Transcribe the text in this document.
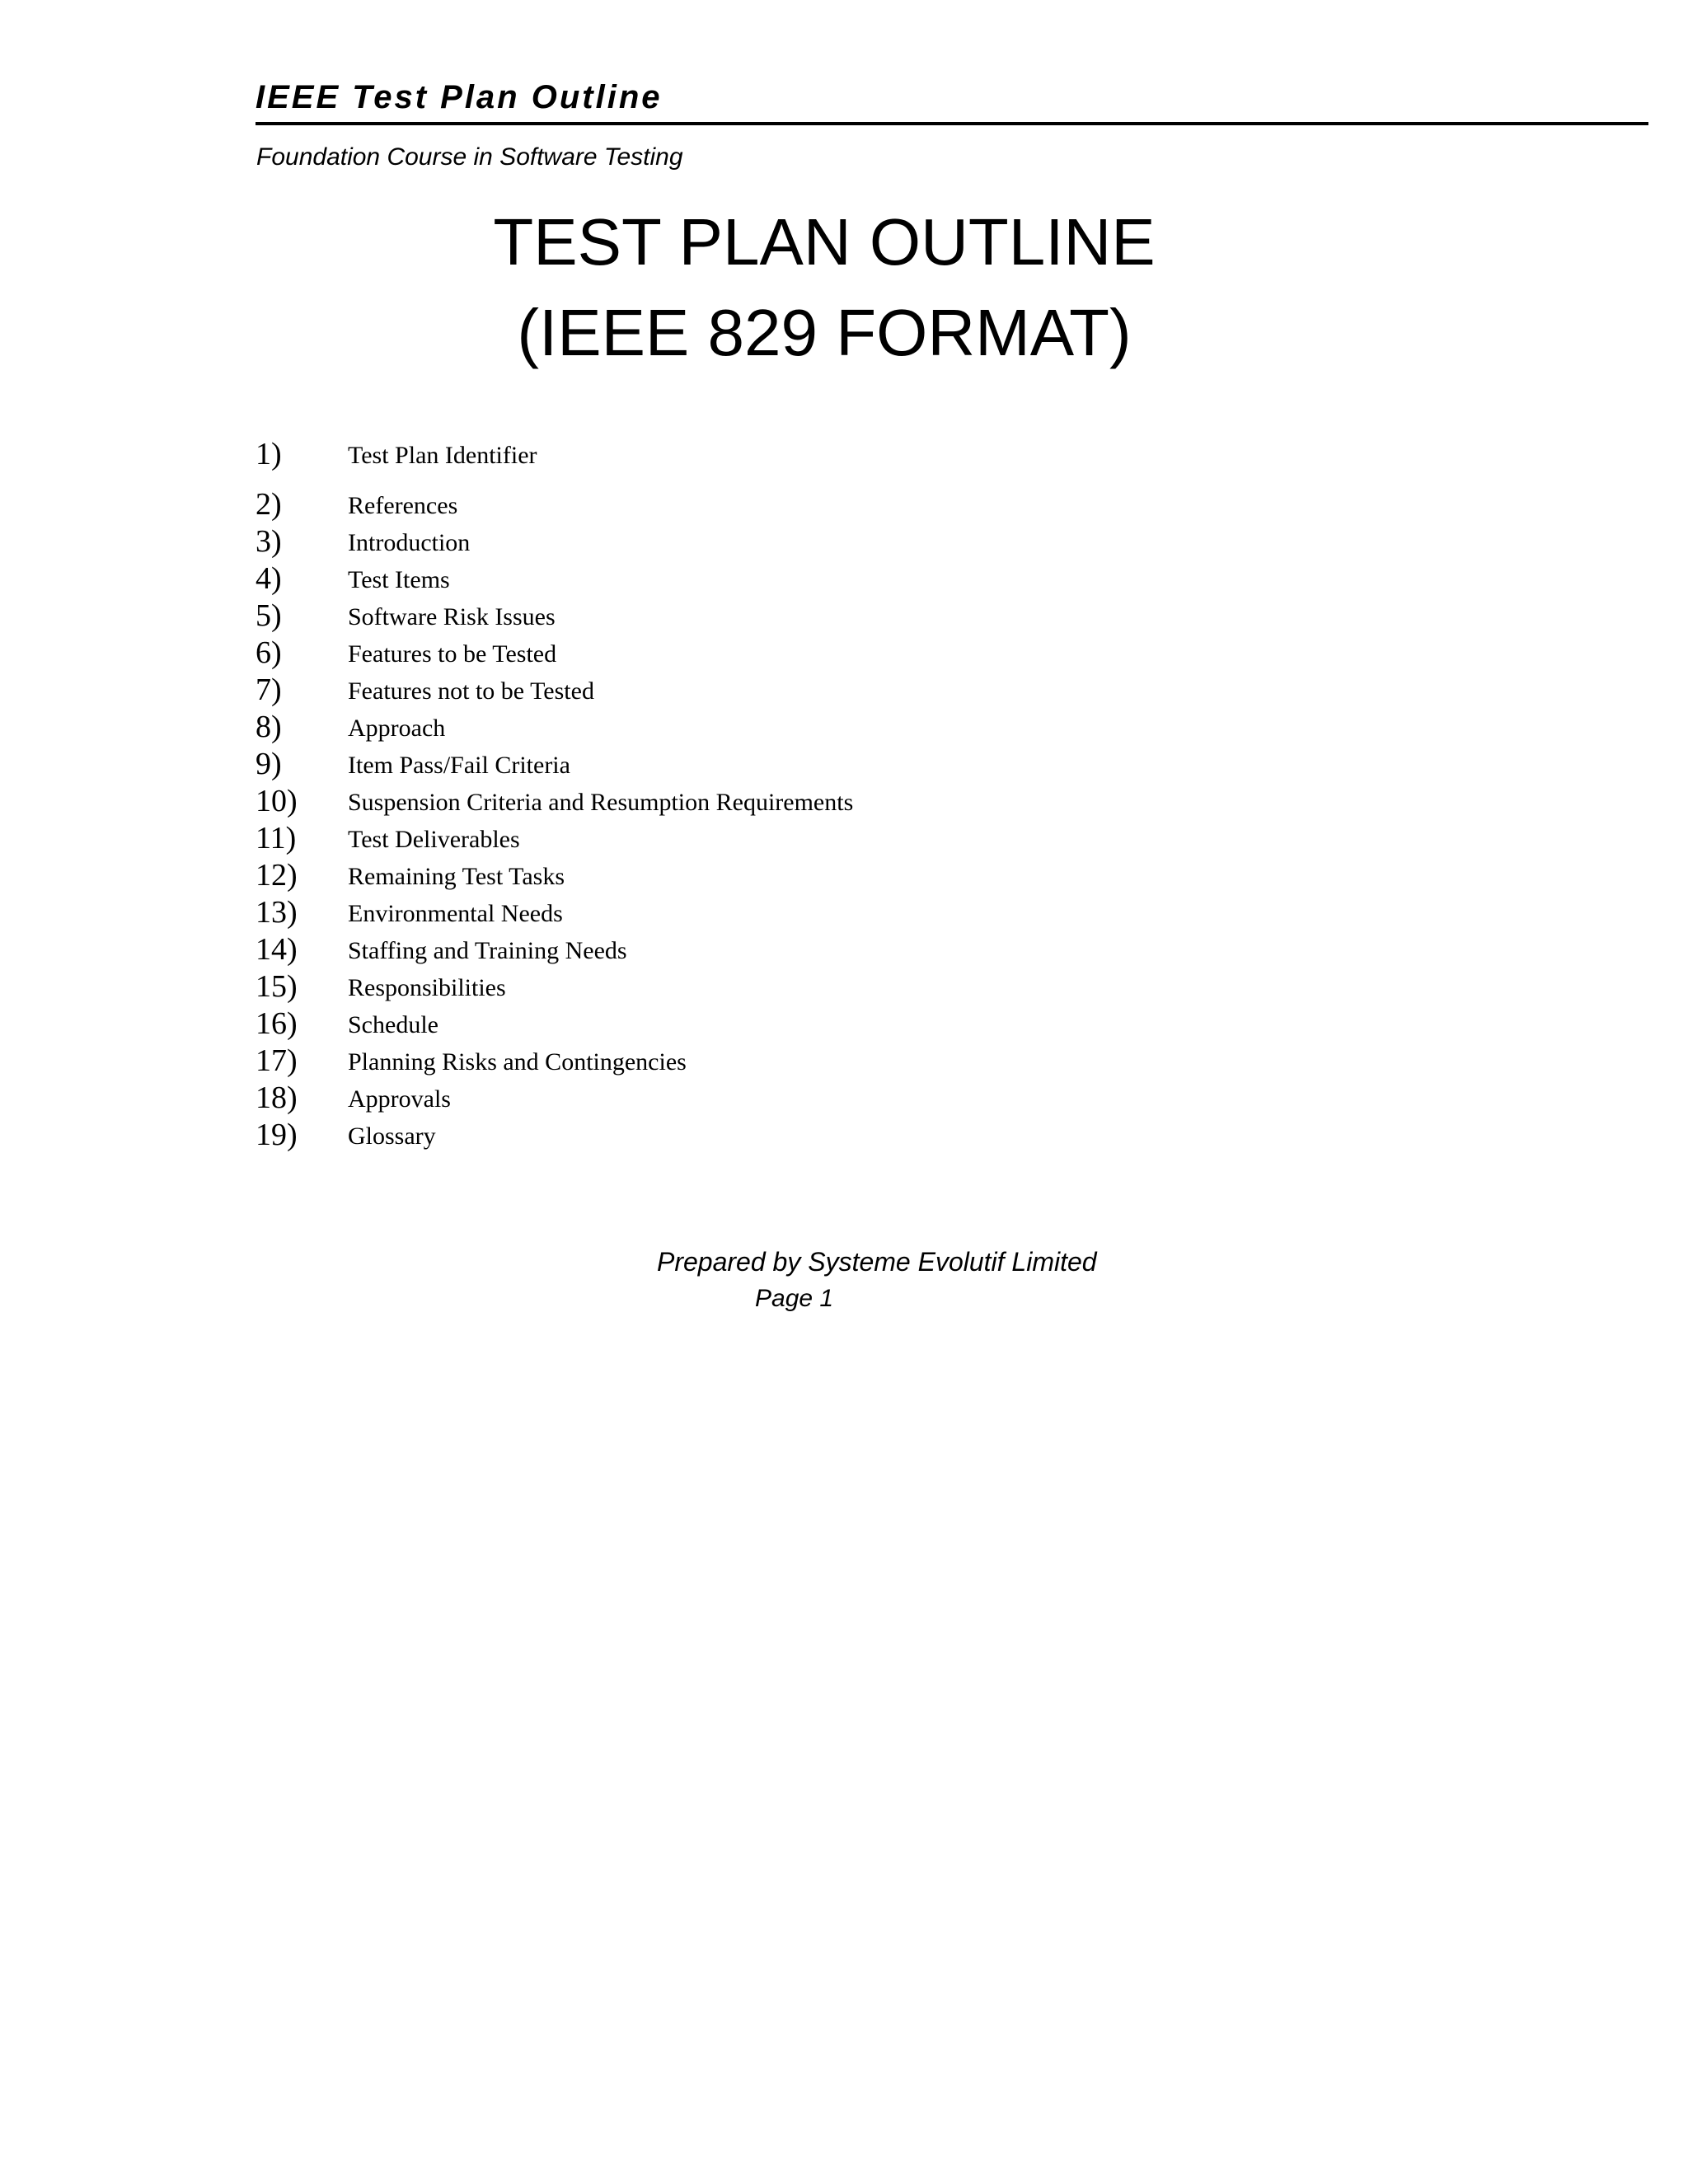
IEEE Test Plan Outline
Foundation Course in Software Testing
TEST PLAN OUTLINE
(IEEE 829 FORMAT)
1)	Test Plan Identifier
2)	References
3)	Introduction
4)	Test Items
5)	Software Risk Issues
6)	Features to be Tested
7)	Features not to be Tested
8)	Approach
9)	Item Pass/Fail Criteria
10) Suspension Criteria and Resumption Requirements
11) Test Deliverables
12) Remaining Test Tasks
13) Environmental Needs
14) Staffing and Training Needs
15) Responsibilities
16) Schedule
17) Planning Risks and Contingencies
18) Approvals
19) Glossary
Prepared by Systeme Evolutif Limited
Page 1
